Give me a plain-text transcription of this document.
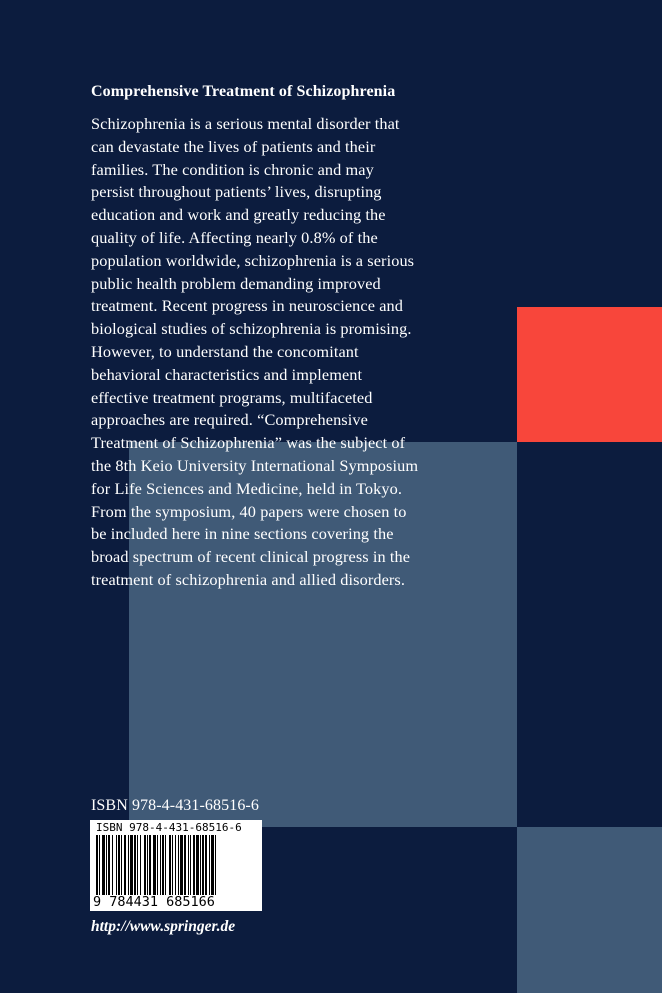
Comprehensive Treatment of Schizophrenia
Schizophrenia is a serious mental disorder that
can devastate the lives of patients and their
families. The condition is chronic and may
persist throughout patients’ lives, disrupting
education and work and greatly reducing the
quality of life. Affecting nearly 0.8% of the
population worldwide, schizophrenia is a serious
public health problem demanding improved
treatment. Recent progress in neuroscience and
biological studies of schizophrenia is promising.
However, to understand the concomitant
behavioral characteristics and implement
effective treatment programs, multifaceted
approaches are required. “Comprehensive
Treatment of Schizophrenia” was the subject of
the 8th Keio University International Symposium
for Life Sciences and Medicine, held in Tokyo.
From the symposium, 40 papers were chosen to
be included here in nine sections covering the
broad spectrum of recent clinical progress in the
treatment of schizophrenia and allied disorders.
ISBN 978-4-431-68516-6
ISBN 978-4-431-68516-6
9 784431 685166
http://www.springer.de
